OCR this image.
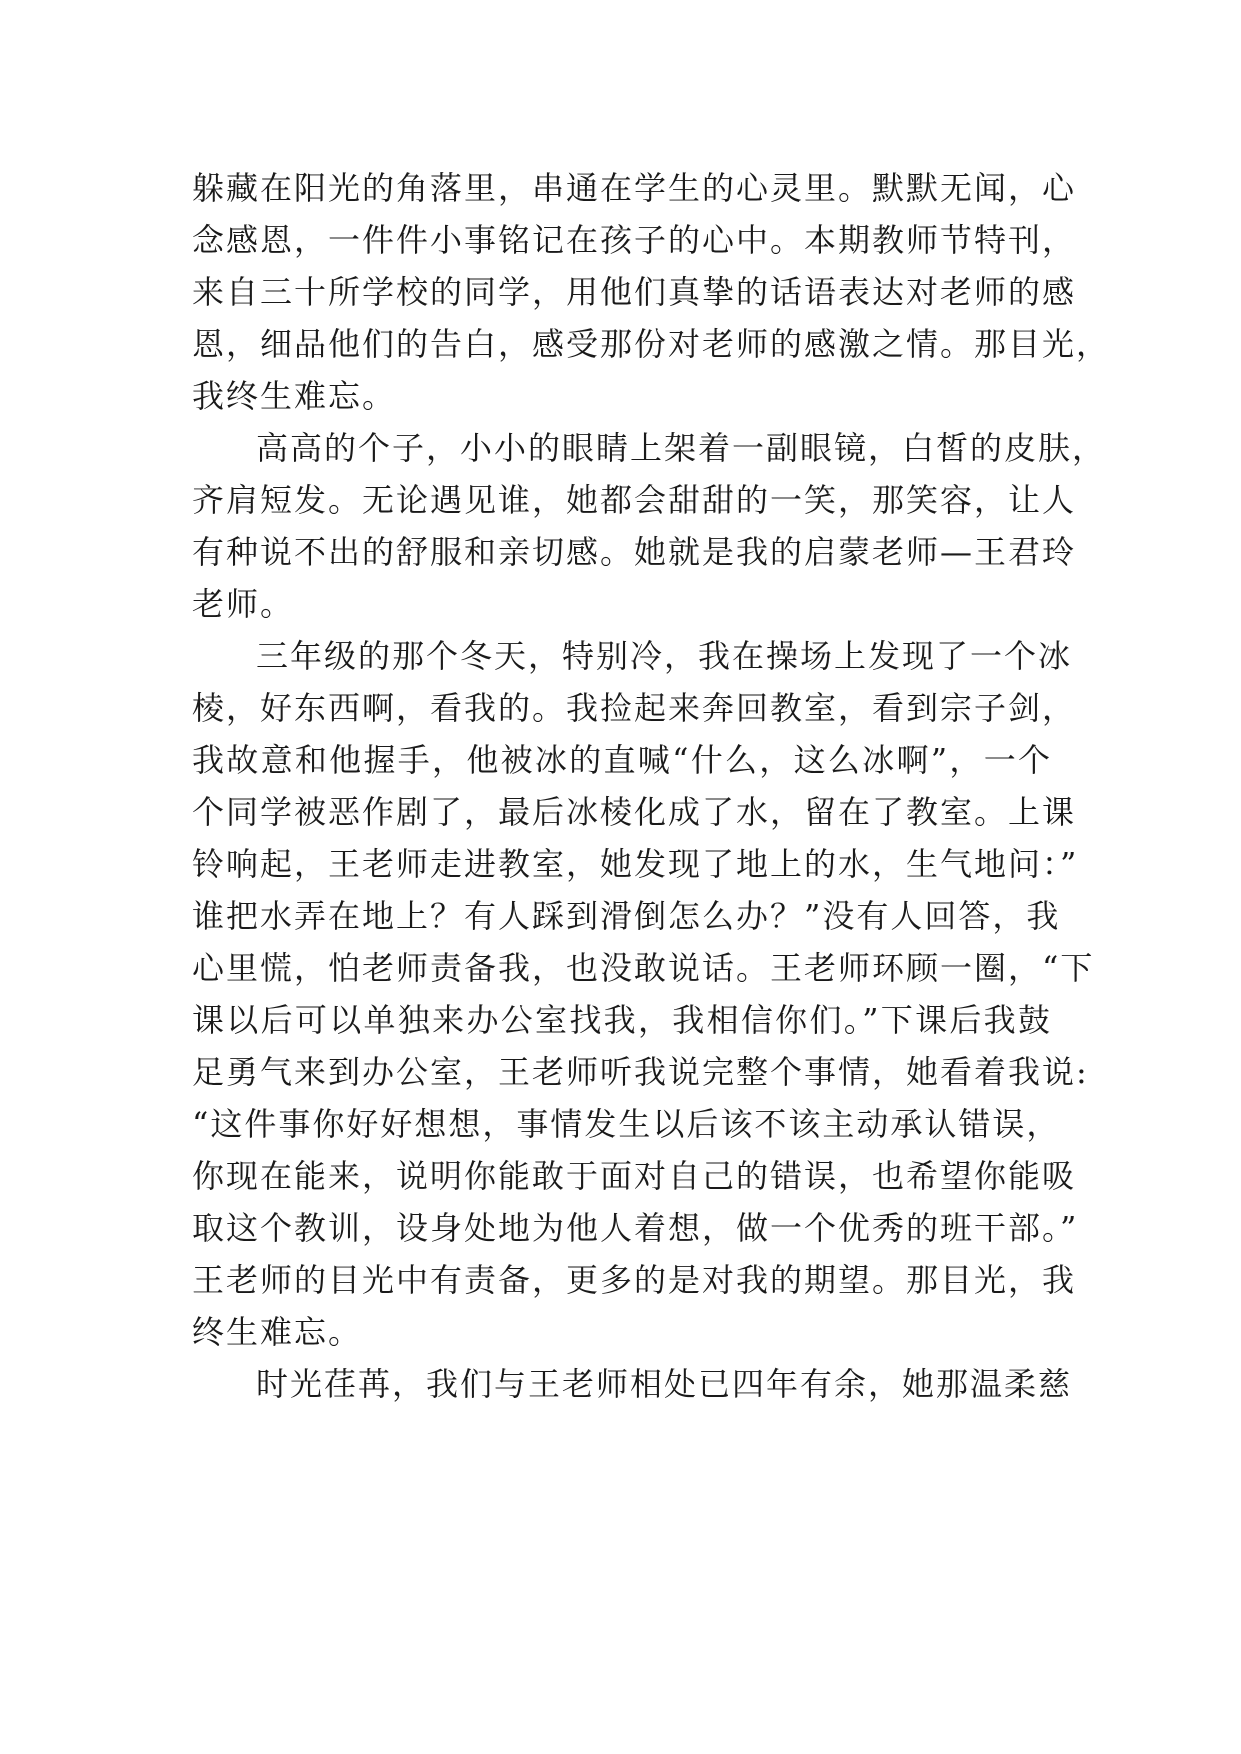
躲藏在阳光的角落里，串通在学生的心灵里。默默无闻，心
念感恩，一件件小事铭记在孩子的心中。本期教师节特刊，
来自三十所学校的同学，用他们真挚的话语表达对老师的感
恩，细品他们的告白，感受那份对老师的感激之情。那目光，
我终生难忘。
高高的个子，小小的眼睛上架着一副眼镜，白皙的皮肤，
齐肩短发。无论遇见谁，她都会甜甜的一笑，那笑容，让人
有种说不出的舒服和亲切感。她就是我的启蒙老师—王君玲
老师。
三年级的那个冬天，特别冷，我在操场上发现了一个冰
棱，好东西啊，看我的。我捡起来奔回教室，看到宗子剑，
我故意和他握手，他被冰的直喊“什么，这么冰啊”，一个
个同学被恶作剧了，最后冰棱化成了水，留在了教室。上课
铃响起，王老师走进教室，她发现了地上的水，生气地问：”
谁把水弄在地上？有人踩到滑倒怎么办？”没有人回答，我
心里慌，怕老师责备我，也没敢说话。王老师环顾一圈，“下
课以后可以单独来办公室找我，我相信你们。”下课后我鼓
足勇气来到办公室，王老师听我说完整个事情，她看着我说:
“这件事你好好想想，事情发生以后该不该主动承认错误，
你现在能来，说明你能敢于面对自己的错误，也希望你能吸
取这个教训，设身处地为他人着想，做一个优秀的班干部。”
王老师的目光中有责备，更多的是对我的期望。那目光，我
终生难忘。
时光荏苒，我们与王老师相处已四年有余，她那温柔慈
